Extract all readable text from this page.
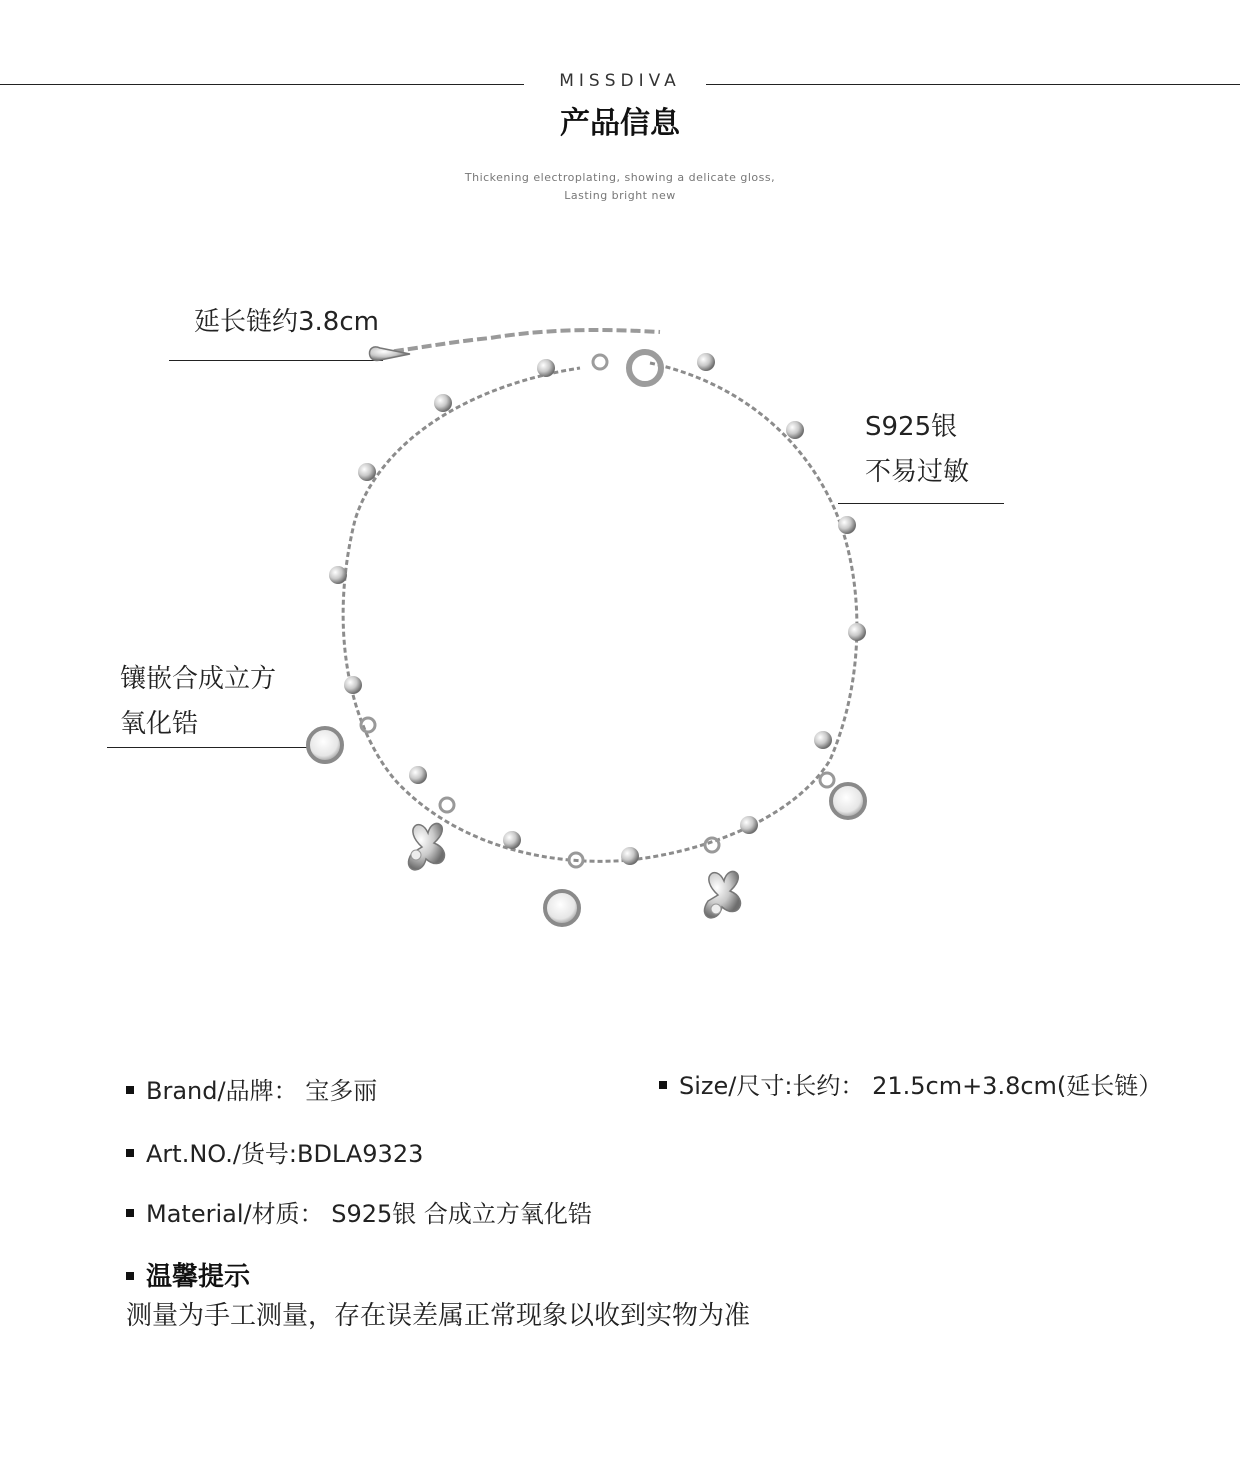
MISSDIVA
产品信息
Thickening electroplating, showing a delicate gloss,
Lasting bright new
延长链约3.8cm
S925银
不易过敏
镶嵌合成立方
氧化锆
Brand/品牌： 宝多丽	Size/尺寸:长约： 21.5cm+3.8cm(延长链）
Art.NO./货号:BDLA9323
Material/材质： S925银 合成立方氧化锆
温馨提示
测量为手工测量，存在误差属正常现象以收到实物为准
